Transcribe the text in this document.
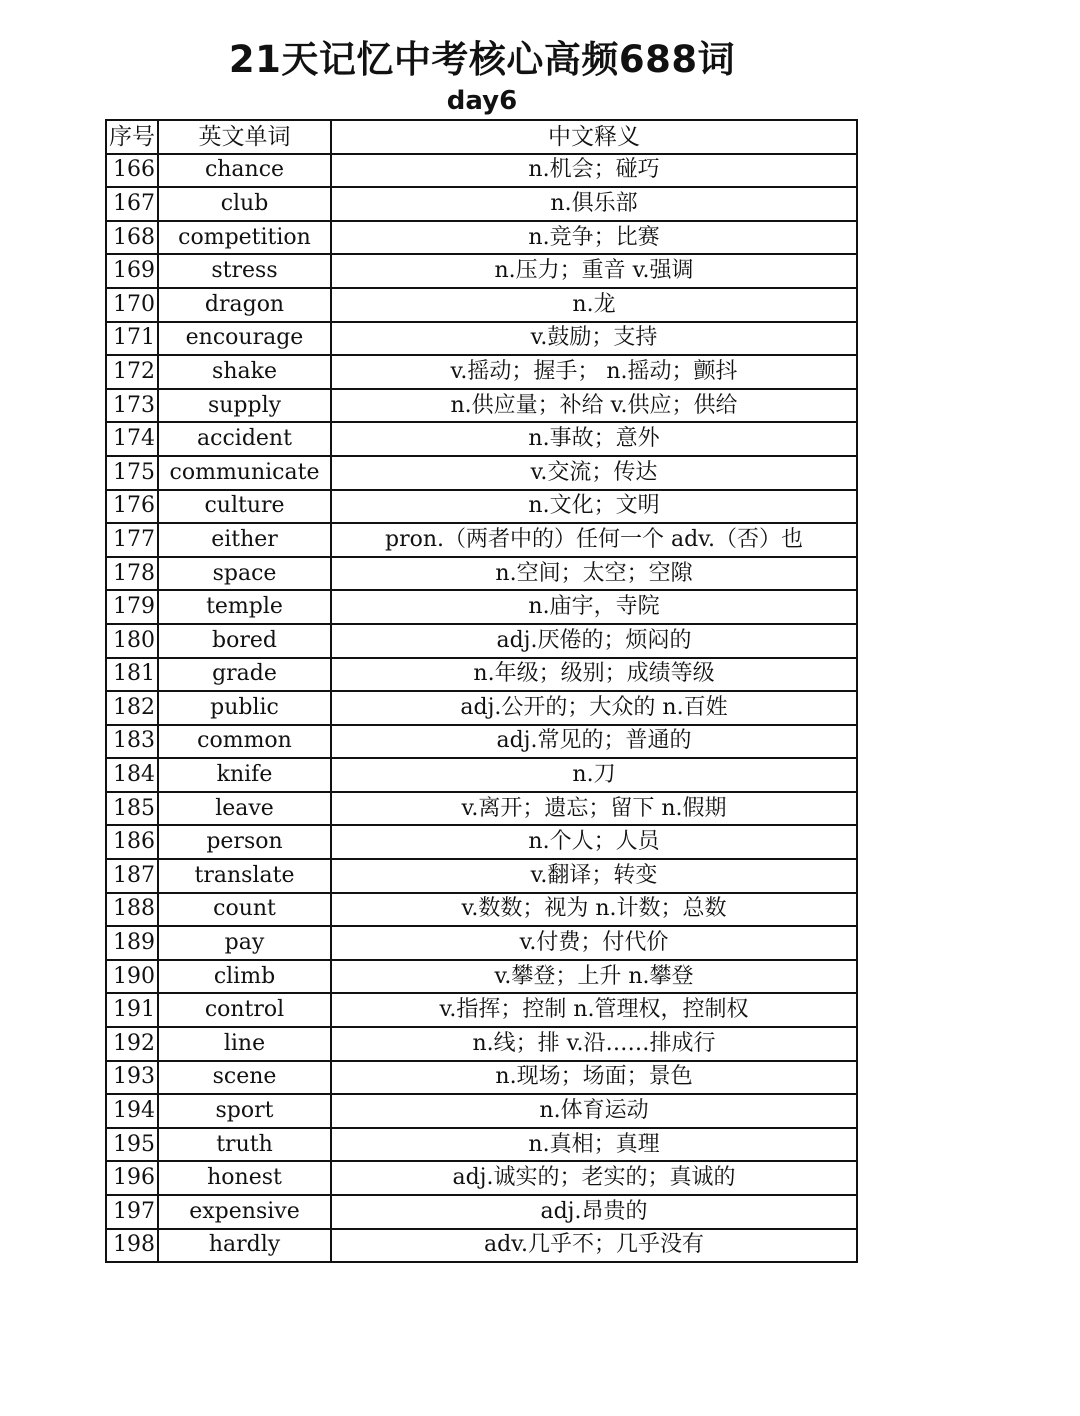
21天记忆中考核心高频688词
day6
序号	英文单词	中文释义
166	chance	n.机会；碰巧
167	club	n.俱乐部
168	competition	n.竞争；比赛
169	stress	n.压力；重音 v.强调
170	dragon	n.龙
171	encourage	v.鼓励；支持
172	shake	v.摇动；握手； n.摇动；颤抖
173	supply	n.供应量；补给 v.供应；供给
174	accident	n.事故；意外
175	communicate	v.交流；传达
176	culture	n.文化；文明
177	either	pron.（两者中的）任何一个 adv.（否）也
178	space	n.空间；太空；空隙
179	temple	n.庙宇，寺院
180	bored	adj.厌倦的；烦闷的
181	grade	n.年级；级别；成绩等级
182	public	adj.公开的；大众的 n.百姓
183	common	adj.常见的；普通的
184	knife	n.刀
185	leave	v.离开；遗忘；留下 n.假期
186	person	n.个人；人员
187	translate	v.翻译；转变
188	count	v.数数；视为 n.计数；总数
189	pay	v.付费；付代价
190	climb	v.攀登；上升 n.攀登
191	control	v.指挥；控制 n.管理权，控制权
192	line	n.线；排 v.沿……排成行
193	scene	n.现场；场面；景色
194	sport	n.体育运动
195	truth	n.真相；真理
196	honest	adj.诚实的；老实的；真诚的
197	expensive	adj.昂贵的
198	hardly	adv.几乎不；几乎没有
